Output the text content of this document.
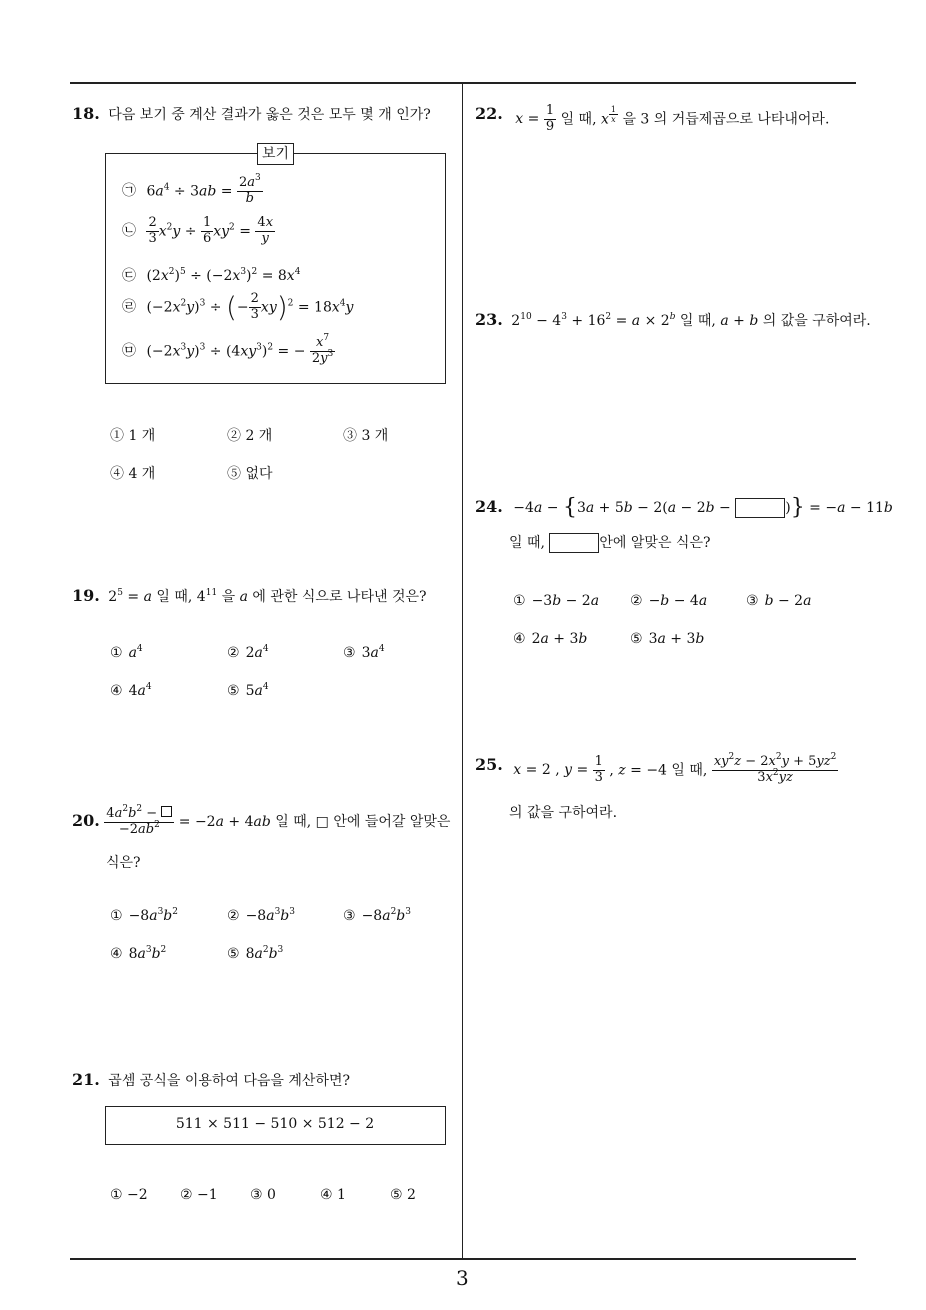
3
18. 다음 보기 중 계산 결과가 옳은 것은 모두 몇 개 인가?
보기
㉠ $6a^4 \div 3ab = \frac{2a^3}{b}$
㉡ $\frac{2}{3} x^2y \div \frac{1}{6} xy^2 = \frac{4x}{y}$
㉢ $(2x^2)^5 \div (-2x^3)^2 = 8x^4$
㉣ $(-2x^2y)^3$ ÷ (− $\frac{2}{3} xy)^2 = 18x^4y$
㉤ $(-2x^3y)^3 \div (4xy^3)^2$ = − $\frac{x^7}{2y^3}$
① 1 개	② 2 개	③ 3 개
④ 4 개	⑤ 없다
19. $2^5 = a$ 일 때, $4^{11}$ 을 a 에 관한 식으로 나타낸 것은?
① $a^4$	② $2a^4$	③ $3a^4$
④ $4a^4$	⑤ $5a^4$
20. $\frac{4a^2b^2 -}{-2ab^2} = -2a + 4ab$ 일 때, □ 안에 들어갈 알맞은
식은?
① $-8a^3b^2$	② $-8a^3b^3$	③ $-8a^2b^3$
④ $8a^3b^2$	⑤ $8a^2b^3$
21. 곱셈 공식을 이용하여 다음을 계산하면?
511 × 511 − 510 × 512 − 2
① −2 ② −1 ③ 0	④ 1	⑤ 2
22. $x = \frac{1}{9}$ 일 때, x $^{\frac{1}{x}}$ 을 3 의 거듭제곱으로 나타내어라.
23. $2^{10} - 4^3 + 16^2 = a \times 2^b$ 일 때, a + b 의 값을 구하여라.
24. −4a − {3a + 5b − 2(a − 2b −	)} = −a − 11b
일 때,	안에 알맞은 식은?
① −3b − 2a ② −b − 4a	③ b − 2a
④ 2a + 3b	⑤ 3a + 3b
25. x = 2 , $y = \frac{1}{3}$ , z = −4 일 때, $\frac{xy^2z - 2x^2y + 5yz^2}{3x^2yz}$
의 값을 구하여라.
